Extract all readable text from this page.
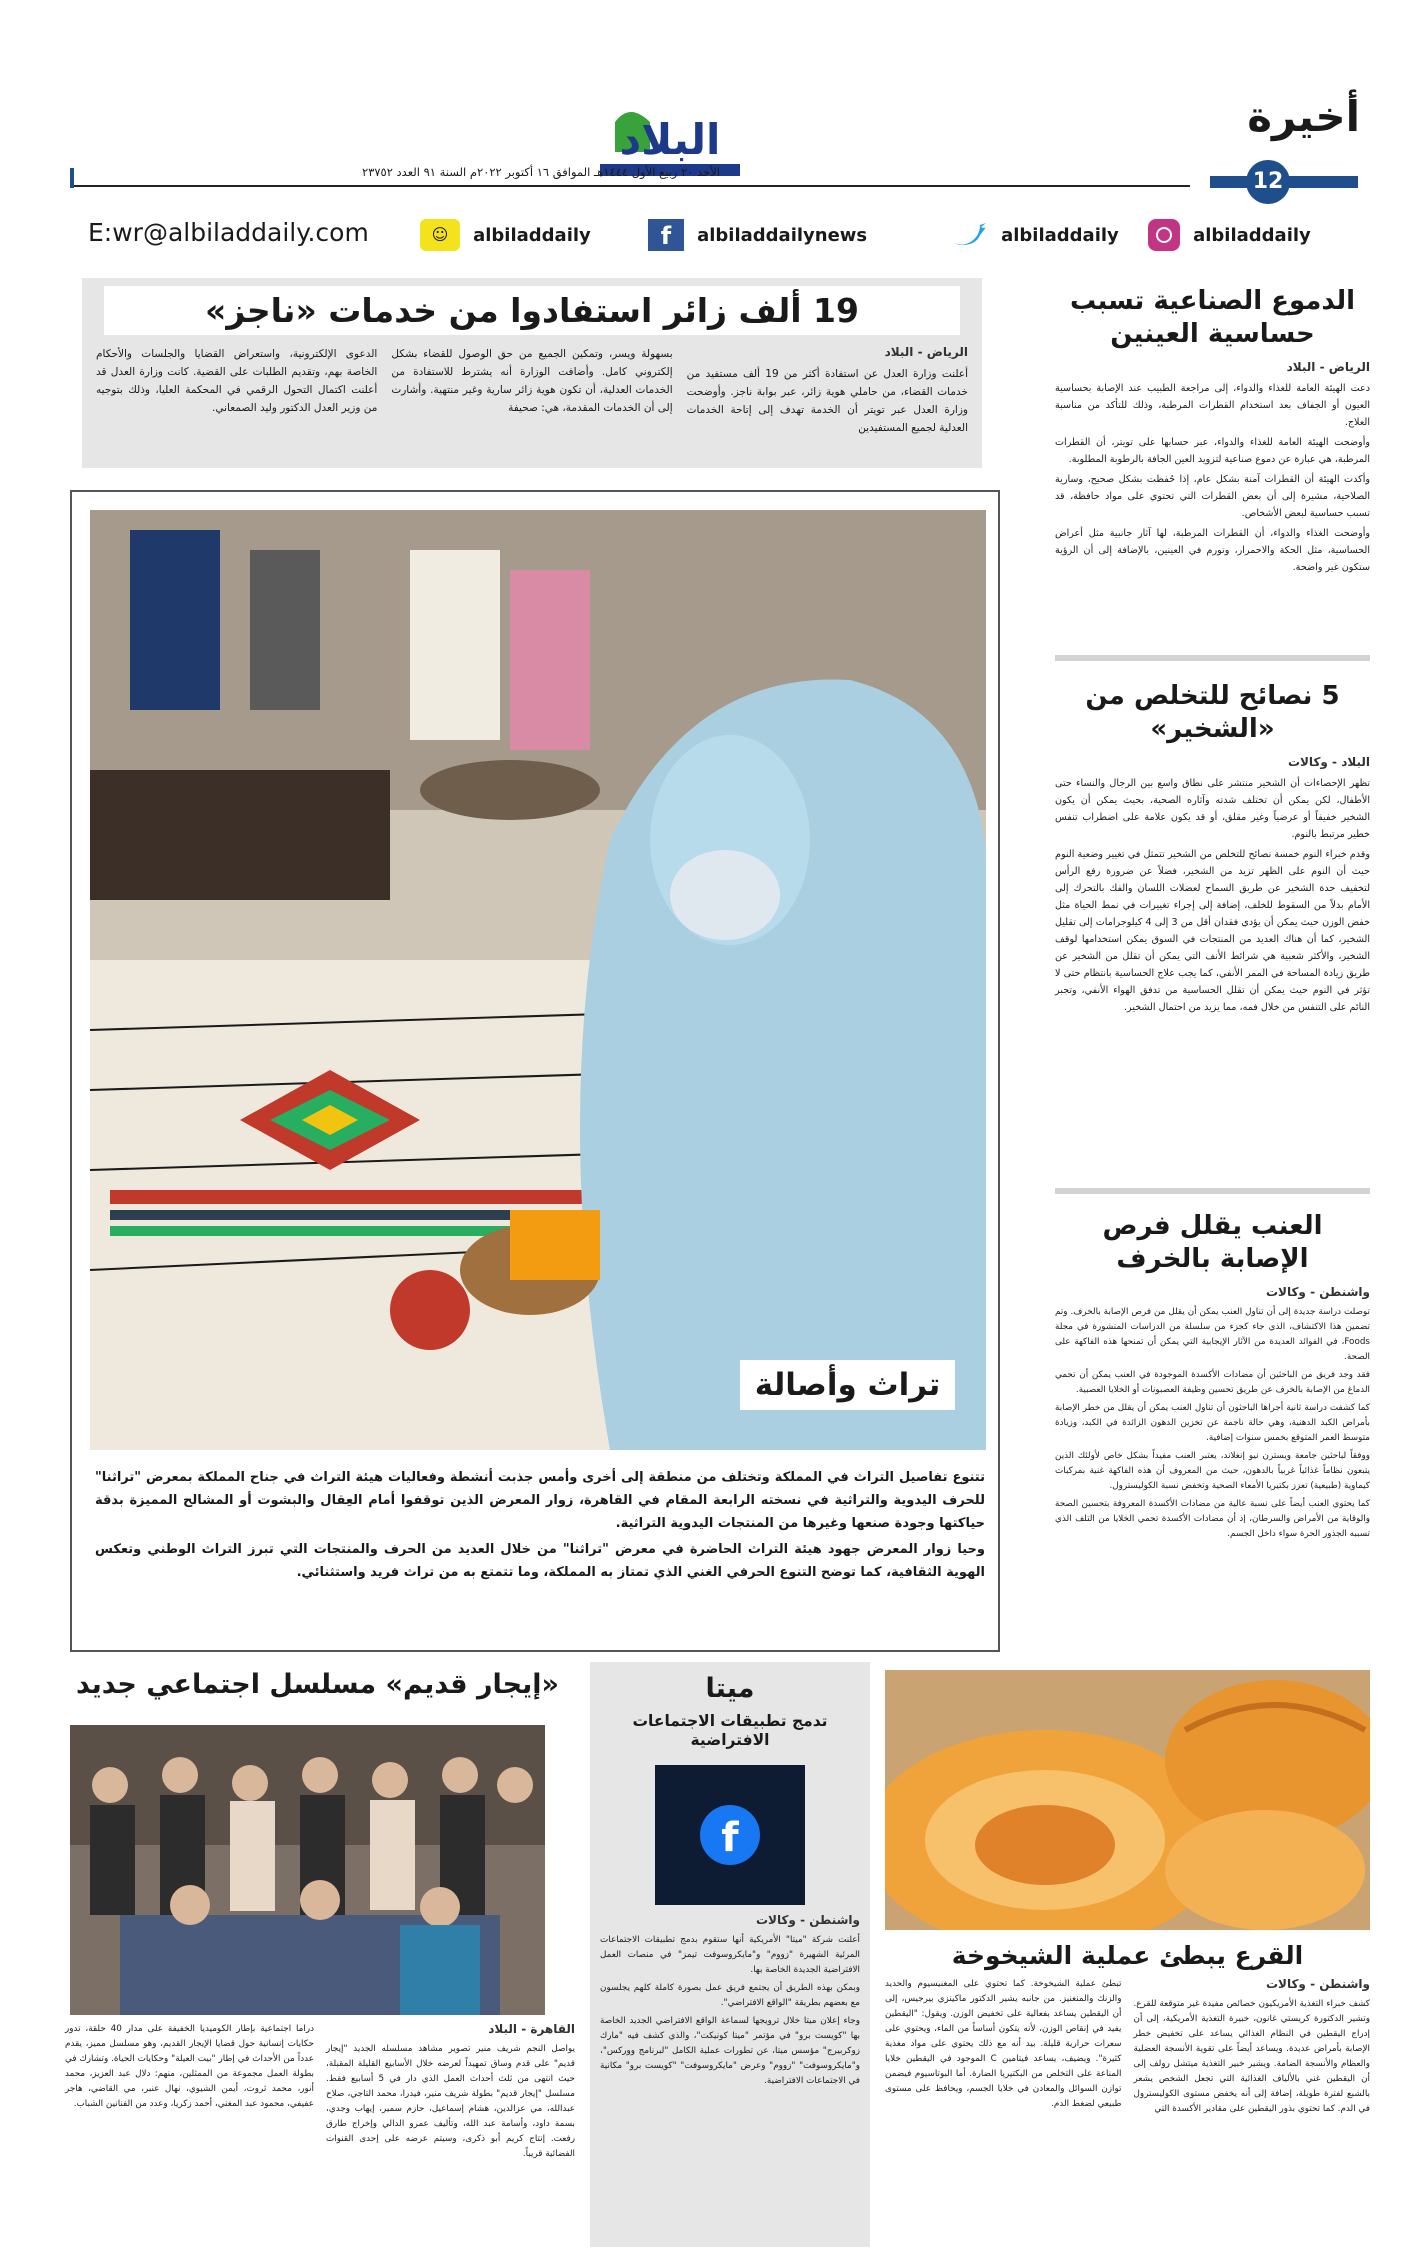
أخيرة
12
البلاد
الأحد ٢٠ ربيع الأول ١٤٤٤هـ الموافق ١٦ أكتوبر ٢٠٢٢م السنة ٩١ العدد ٢٣٧٥٢
E:wr@albiladdaily.com	☺ albiladdaily	f albiladdailynews	albiladdaily	albiladdaily
19 ألف زائر استفادوا من خدمات «ناجز»
الرياض - البلاد

أعلنت وزارة العدل عن استفادة أكثر من 19 ألف مستفيد من خدمات القضاء، من حاملي هوية زائر، عبر بوابة ناجز. وأوضحت وزارة العدل عبر تويتر أن الخدمة تهدف إلى إتاحة الخدمات العدلية لجميع المستفيدين

بسهولة ويسر، وتمكين الجميع من حق الوصول للقضاء بشكل إلكتروني كامل. وأضافت الوزارة أنه يشترط للاستفادة من الخدمات العدلية، أن تكون هوية زائر سارية وغير منتهية. وأشارت إلى أن الخدمات المقدمة، هي: صحيفة

الدعوى الإلكترونية، واستعراض القضايا والجلسات والأحكام الخاصة بهم، وتقديم الطلبات على القضية. كانت وزارة العدل قد أعلنت اكتمال التحول الرقمي في المحكمة العليا، وذلك بتوجيه من وزير العدل الدكتور وليد الصمعاني.

تراث وأصالة

تتنوع تفاصيل التراث في المملكة وتختلف من منطقة إلى أخرى وأمس جذبت أنشطة وفعاليات هيئة التراث في جناح المملكة بمعرض "تراثنا" للحرف اليدوية والتراثية في نسخته الرابعة المقام في القاهرة، زوار المعرض الذين توقفوا أمام العِقال والبشوت أو المشالح المميزة بدقة حياكتها وجودة صنعها وغيرها من المنتجات اليدوية التراثية.

وحيا زوار المعرض جهود هيئة التراث الحاضرة في معرض "تراثنا" من خلال العديد من الحرف والمنتجات التي تبرز التراث الوطني وتعكس الهوية الثقافية، كما توضح التنوع الحرفي الغني الذي تمتاز به المملكة، وما تتمتع به من تراث فريد واستثنائي.

الدموع الصناعية تسبب حساسية العينين
الرياض - البلاد

دعت الهيئة العامة للغذاء والدواء، إلى مراجعة الطبيب عند الإصابة بحساسية العيون أو الجفاف بعد استخدام القطرات المرطبة، وذلك للتأكد من مناسبة العلاج.

وأوضحت الهيئة العامة للغذاء والدواء، عبر حسابها على تويتر، أن القطرات المرطبة، هي عبارة عن دموع صناعية لتزويد العين الجافة بالرطوبة المطلوبة.

وأكدت الهيئة أن القطرات آمنة بشكل عام، إذا حُفظت بشكل صحيح، وسارية الصلاحية، مشيرة إلى أن بعض القطرات التي تحتوي على مواد حافظة، قد تسبب حساسية لبعض الأشخاص.

وأوضحت الغذاء والدواء، أن القطرات المرطبة، لها آثار جانبية مثل أعراض الحساسية، مثل الحكة والاحمرار، وتورم في العينين، بالإضافة إلى أن الرؤية ستكون غير واضحة.

5 نصائح للتخلص من «الشخير»
البلاد - وكالات

تظهر الإحصاءات أن الشخير منتشر على نطاق واسع بين الرجال والنساء حتى الأطفال، لكن يمكن أن تختلف شدته وآثاره الصحية، بحيث يمكن أن يكون الشخير خفيفاً أو عرضياً وغير مقلق، أو قد يكون علامة على اضطراب تنفس خطير مرتبط بالنوم.

وقدم خبراء النوم خمسة نصائح للتخلص من الشخير تتمثل في تغيير وضعية النوم حيث أن النوم على الظهر تزيد من الشخير، فضلاً عن ضرورة رفع الرأس لتخفيف حدة الشخير عن طريق السماح لعضلات اللسان والفك بالتحرك إلى الأمام بدلاً من السقوط للخلف، إضافة إلى إجراء تغييرات في نمط الحياة مثل خفض الوزن حيث يمكن أن يؤدي فقدان أقل من 3 إلى 4 كيلوجرامات إلى تقليل الشخير، كما أن هناك العديد من المنتجات في السوق يمكن استخدامها لوقف الشخير، والأكثر شعبية هي شرائط الأنف التي يمكن أن تقلل من الشخير عن طريق زيادة المساحة في الممر الأنفي، كما يجب علاج الحساسية بانتظام حتى لا تؤثر في النوم حيث يمكن أن تقلل الحساسية من تدفق الهواء الأنفي، وتجبر النائم على التنفس من خلال فمه، مما يزيد من احتمال الشخير.

العنب يقلل فرص الإصابة بالخرف
واشنطن - وكالات

توصلت دراسة جديدة إلى أن تناول العنب يمكن أن يقلل من فرص الإصابة بالخرف. وتم تضمين هذا الاكتشاف، الذي جاء كجزء من سلسلة من الدراسات المنشورة في مجلة Foods، في الفوائد العديدة من الآثار الإيجابية التي يمكن أن تمنحها هذه الفاكهة على الصحة.

فقد وجد فريق من الباحثين أن مضادات الأكسدة الموجودة في العنب يمكن أن تحمي الدماغ من الإصابة بالخرف عن طريق تحسين وظيفة العصبونات أو الخلايا العصبية.

كما كشفت دراسة ثانية أجراها الباحثون أن تناول العنب يمكن أن يقلل من خطر الإصابة بأمراض الكبد الدهنية، وهي حالة ناجمة عن تخزين الدهون الزائدة في الكبد، وزيادة متوسط العمر المتوقع بخمس سنوات إضافية.

ووفقاً لباحثين جامعة ويسترن نيو إنغلاند، يعتبر العنب مفيداً بشكل خاص لأولئك الذين يتبعون نظاماً غذائياً غربياً بالدهون، حيث من المعروف أن هذه الفاكهة غنية بمركبات كيماوية (طبيعية) تعزز بكتيريا الأمعاء الصحية وتخفض نسبة الكوليسترول.

كما يحتوي العنب أيضاً على نسبة عالية من مضادات الأكسدة المعروفة بتحسين الصحة والوقاية من الأمراض والسرطان، إذ أن مضادات الأكسدة تحمي الخلايا من التلف الذي تسببه الجذور الحرة سواء داخل الجسم.

القرع يبطئ عملية الشيخوخة
واشنطن - وكالات

كشف خبراء التغذية الأمريكيون خصائص مفيدة غير متوقعة للقرع. وتشير الدكتورة كريستي غانون، خبيرة التغذية الأمريكية، إلى أن إدراج اليقطين في النظام الغذائي يساعد على تخفيض خطر الإصابة بأمراض عديدة. ويساعد أيضاً على تقوية الأنسجة العضلية والعظام والأنسجة الضامة. ويشير خبير التغذية ميتشل رولف إلى أن اليقطين غني بالألياف الغذائية التي تجعل الشخص يشعر بالشبع لفترة طويلة، إضافة إلى أنه يخفض مستوى الكوليسترول في الدم. كما تحتوي بذور اليقطين على مقادير الأكسدة التي

تبطئ عملية الشيخوخة. كما تحتوي على المغنيسيوم والحديد والزنك والمنغنيز. من جانبه يشير الدكتور ماكينزي بيرجيس، إلى أن اليقطين يساعد بفعالية على تخفيض الوزن. ويقول: "اليقطين يفيد في إنقاص الوزن، لأنه يتكون أساساً من الماء، ويحتوي على سعرات حرارية قليلة. بيد أنه مع ذلك يحتوي على مواد مغذية كثيرة". ويضيف، يساعد فيتامين C الموجود في اليقطين خلايا المناعة على التخلص من البكتيريا الضارة. أما البوتاسيوم فيضمن توازن السوائل والمعادن في خلايا الجسم، ويحافظ على مستوى طبيعي لضغط الدم.

ميتا
تدمج تطبيقات الاجتماعات الافتراضية
f
واشنطن - وكالات

أعلنت شركة "ميتا" الأمريكية أنها ستقوم بدمج تطبيقات الاجتماعات المرئية الشهيرة "زووم" و"مايكروسوفت تيمز" في منصات العمل الافتراضية الجديدة الخاصة بها.

وبمكن بهذه الطريق أن يجتمع فريق عمل بصورة كاملة كلهم يجلسون مع بعضهم بطريقة "الواقع الافتراضي".

وجاء إعلان ميتا خلال ترويجها لسماعة الواقع الافتراضي الجديد الخاصة بها "كويست برو" في مؤتمر "ميتا كونيكت"، والذي كشف فيه "مارك زوكربيرج" مؤسس ميتا، عن تطورات عملية الكامل "لبرنامج ووركس"، و"مايكروسوفت" "زووم" وعرض "مايكروسوفت" "كويست برو" مكانية في الاجتماعات الافتراضية.

«إيجار قديم» مسلسل اجتماعي جديد
القاهرة - البلاد

يواصل النجم شريف منير تصوير مشاهد مسلسله الجديد "إيجار قديم" على قدم وساق تمهيداً لعرضه خلال الأسابيع القليلة المقبلة، حيث انتهى من ثلث أحداث العمل الذي دار في 5 أسابيع فقط. مسلسل "إيجار قديم" بطولة شريف منير، فيدرا، محمد التاجي، صلاح عبدالله، مي عزالدين، هشام إسماعيل، حازم سمير، إيهاب وجدي، بسمة داود، وأسامة عبد الله، وتأليف عمرو الدالي وإخراج طارق رفعت. إنتاج كريم أبو ذكرى، وسيتم عرضه على إحدى القنوات الفضائية قريباً.

دراما اجتماعية بإطار الكوميديا الخفيفة على مدار 40 حلقة، تدور حكايات إنسانية حول قضايا الإيجار القديم، وهو مسلسل مميز، يقدم عدداً من الأحداث في إطار "بيت العيلة" وحكايات الحياة. وتشارك في بطولة العمل مجموعة من الممثلين، منهم: دلال عبد العزيز، محمد أنور، محمد ثروت، أيمن الشيوي، نهال عنبر، مي القاضي، هاجر عفيفي، محمود عبد المغني، أحمد زكريا، وعدد من الفنانين الشباب.
